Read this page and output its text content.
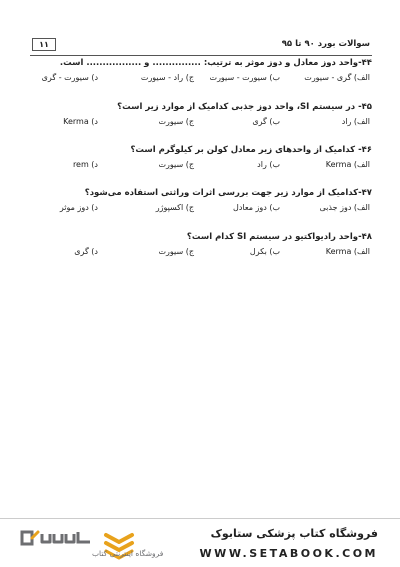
۱۱	سوالات بورد ۹۰ تا ۹۵
۴۴-واحد دوز معادل و دوز موثر به ترتیب: ............... و ................. است.
الف) گری - سیورت
ب) سیورت - سیورت
ج) راد - سیورت
د) سیورت - گری
۴۵- در سیستم SI، واحد دوز جذبی کدامیک از موارد زیر است؟
الف) راد
ب) گری
ج) سیورت
د) Kerma
۴۶- کدامیک از واحدهای زیر معادل کولن بر کیلوگرم است؟
الف) Kerma
ب) راد
ج) سیورت
د) rem
۴۷-کدامیک از موارد زیر جهت بررسی اثرات وراثتی استفاده می‌شود؟
الف) دوز جذبی
ب) دوز معادل
ج) اکسپوژر
د) دوز موثر
۴۸-واحد رادیواکتیو در سیستم SI کدام است؟
الف) Kerma
ب) بکرل
ج) سیورت
د) گری
فروشگاه کتاب پزشکی ستابوک
WWW.SETABOOK.COM
فروشگاه اینترنتی کتاب
